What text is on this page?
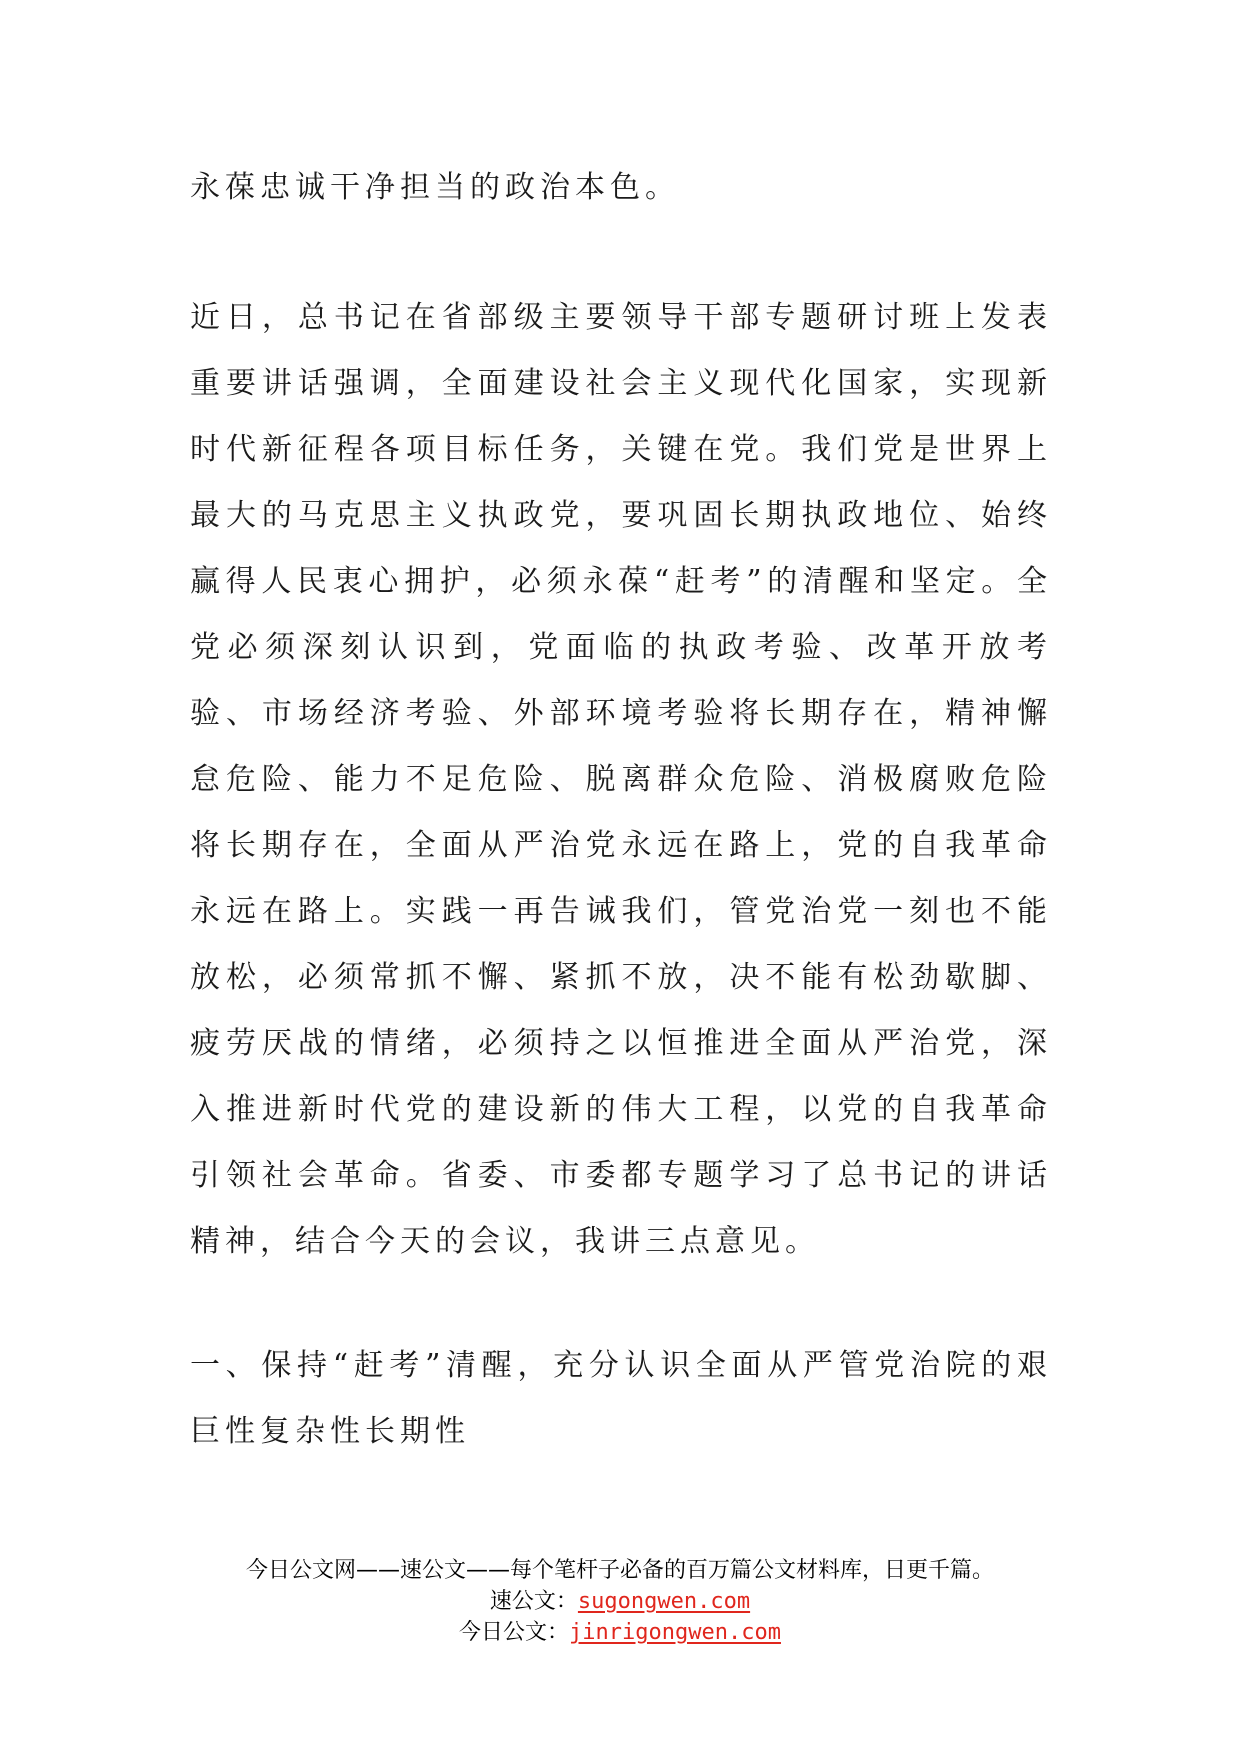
永葆忠诚干净担当的政治本色。

近日，总书记在省部级主要领导干部专题研讨班上发表重要讲话强调，全面建设社会主义现代化国家，实现新时代新征程各项目标任务，关键在党。我们党是世界上最大的马克思主义执政党，要巩固长期执政地位、始终赢得人民衷心拥护，必须永葆“赶考”的清醒和坚定。全党必须深刻认识到，党面临的执政考验、改革开放考验、市场经济考验、外部环境考验将长期存在，精神懈怠危险、能力不足危险、脱离群众危险、消极腐败危险将长期存在，全面从严治党永远在路上，党的自我革命永远在路上。实践一再告诫我们，管党治党一刻也不能放松，必须常抓不懈、紧抓不放，决不能有松劲歇脚、疲劳厌战的情绪，必须持之以恒推进全面从严治党，深入推进新时代党的建设新的伟大工程，以党的自我革命引领社会革命。省委、市委都专题学习了总书记的讲话精神，结合今天的会议，我讲三点意见。

一、保持“赶考”清醒，充分认识全面从严管党治院的艰巨性复杂性长期性

今日公文网——速公文——每个笔杆子必备的百万篇公文材料库，日更千篇。
速公文：sugongwen.com
今日公文：jinrigongwen.com
